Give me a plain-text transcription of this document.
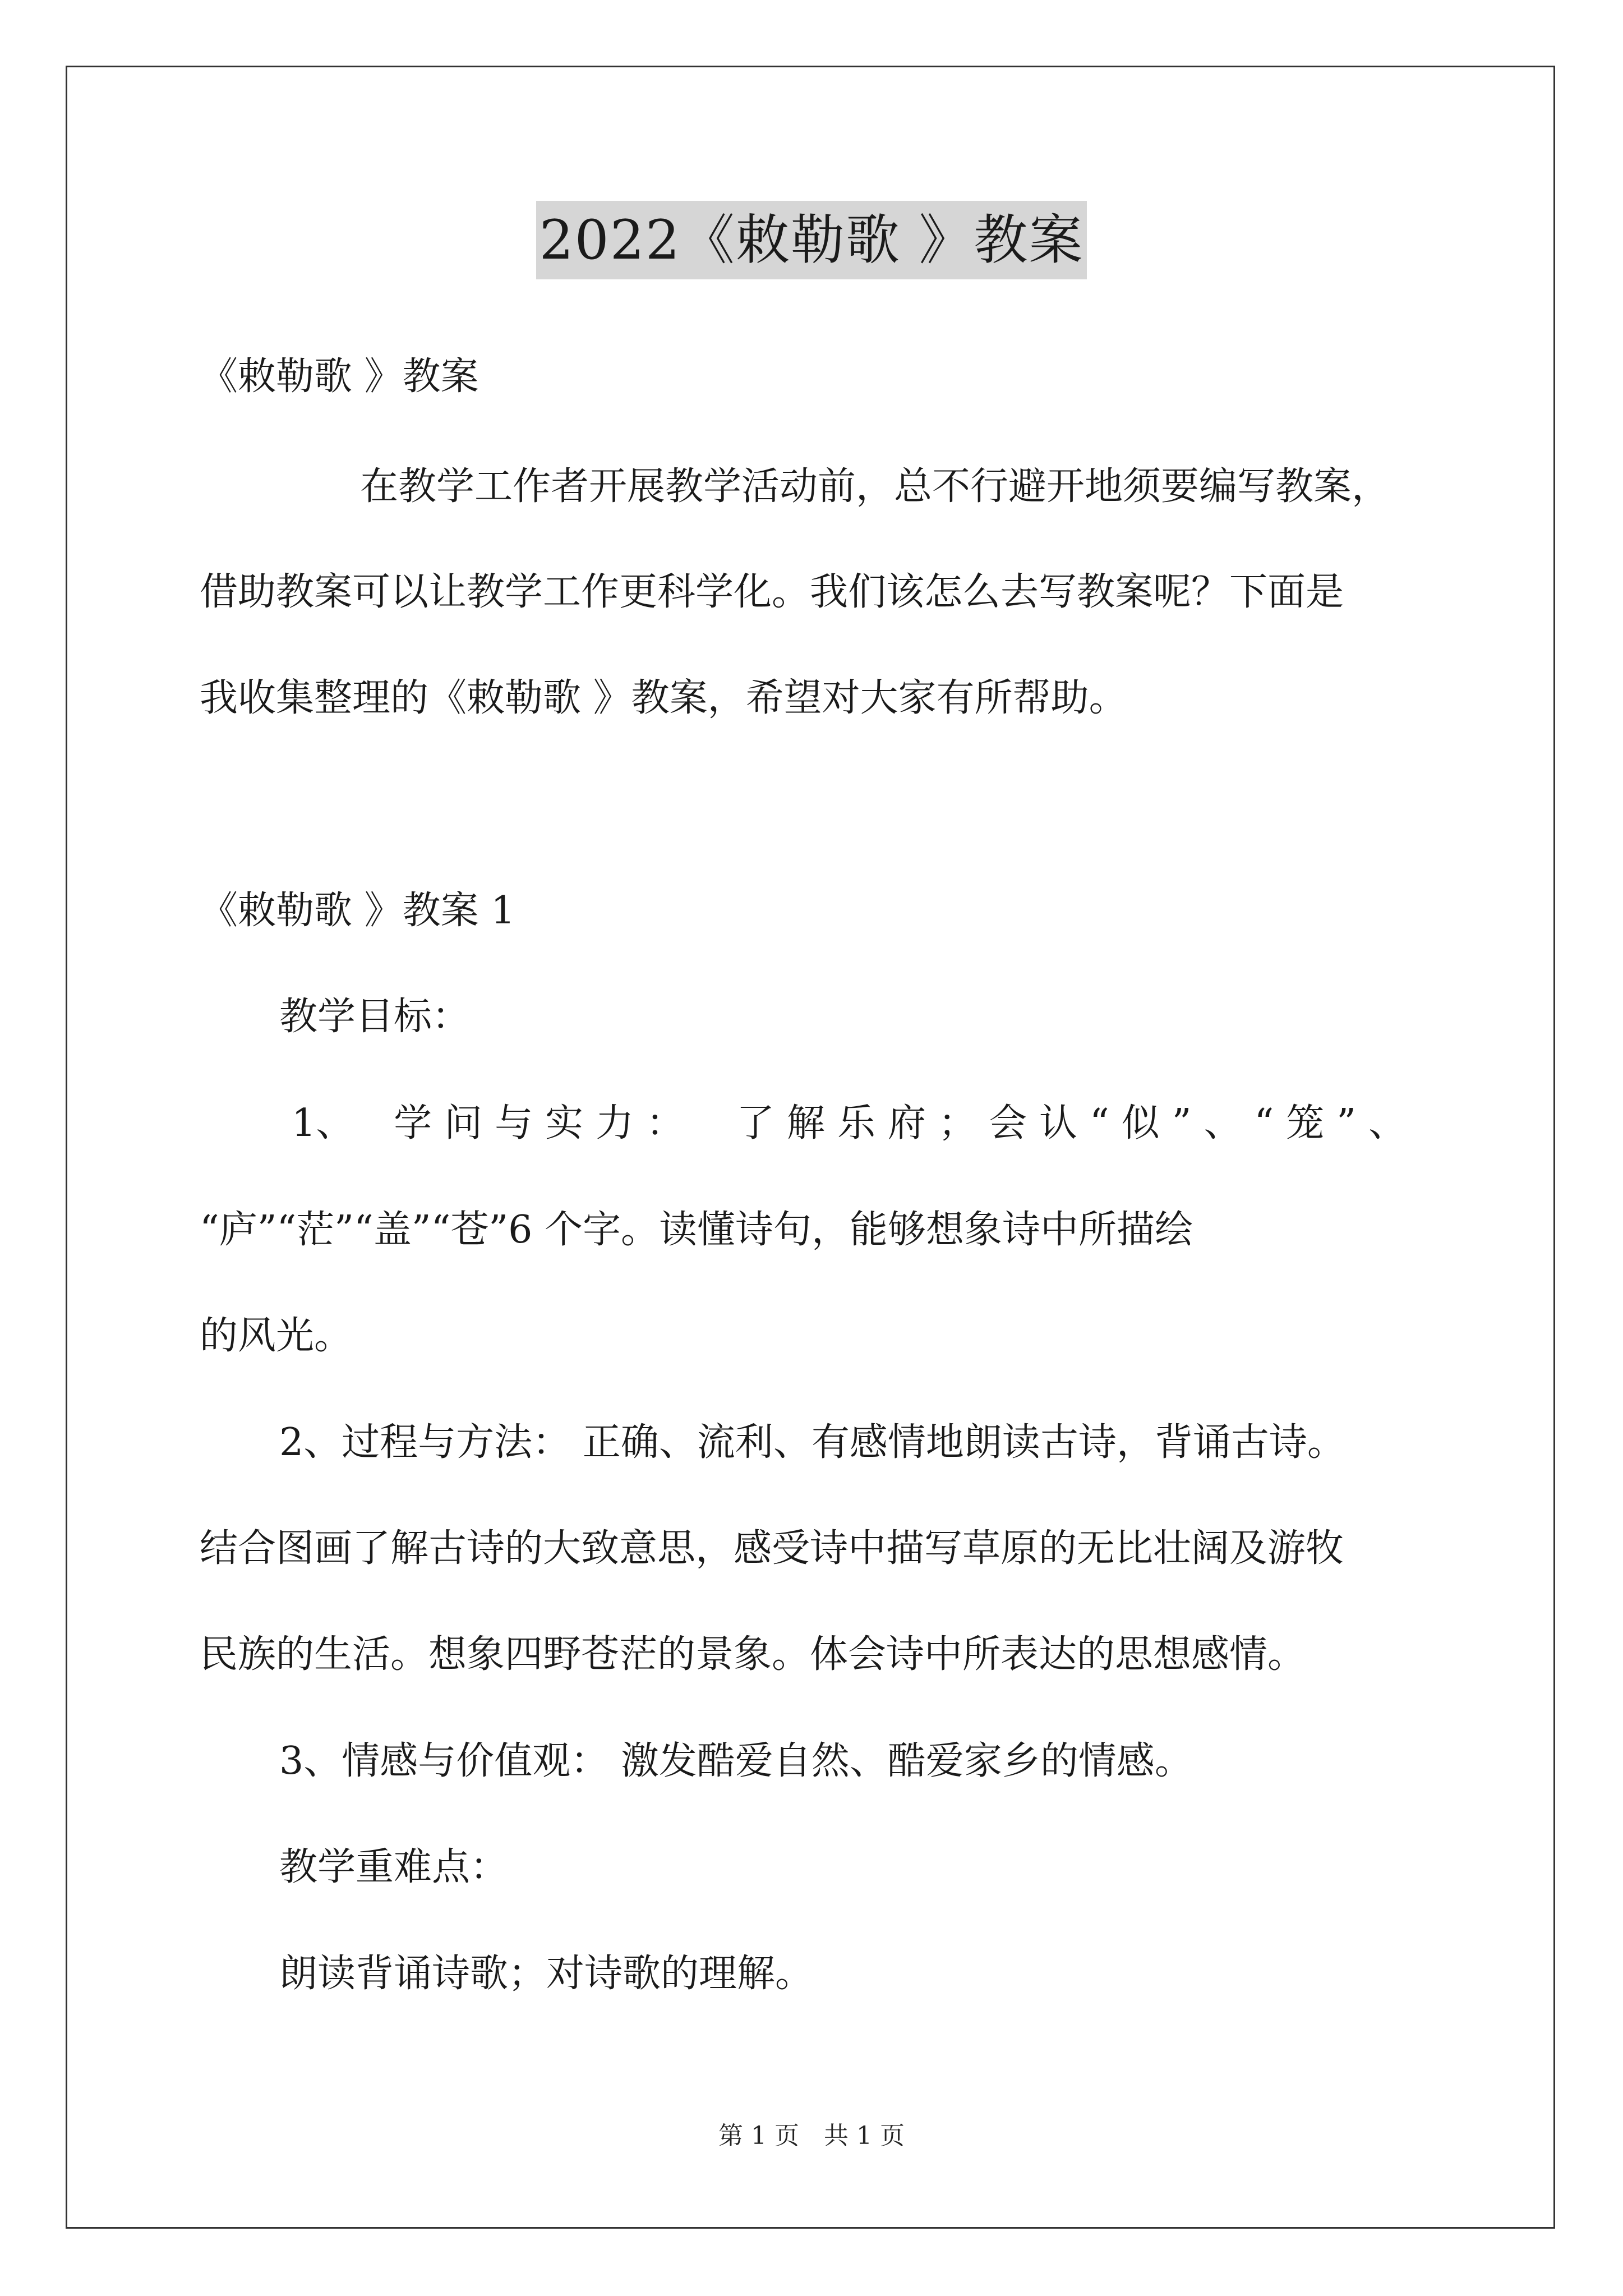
2022《敕勒歌 》教案
《敕勒歌 》教案
在教学工作者开展教学活动前，总不行避开地须要编写教案，
借助教案可以让教学工作更科学化。我们该怎么去写教案呢？下面是
我收集整理的《敕勒歌 》教案，希望对大家有所帮助。
《敕勒歌 》教案 1
教学目标：
1、 学问与实力： 了解乐府；会认“似”、“笼”、
“庐”“茫”“盖”“苍”6 个字。读懂诗句，能够想象诗中所描绘
的风光。
2、过程与方法： 正确、流利、有感情地朗读古诗，背诵古诗。
结合图画了解古诗的大致意思，感受诗中描写草原的无比壮阔及游牧
民族的生活。想象四野苍茫的景象。体会诗中所表达的思想感情。
3、情感与价值观： 激发酷爱自然、酷爱家乡的情感。
教学重难点：
朗读背诵诗歌；对诗歌的理解。
第 1 页　共 1 页
